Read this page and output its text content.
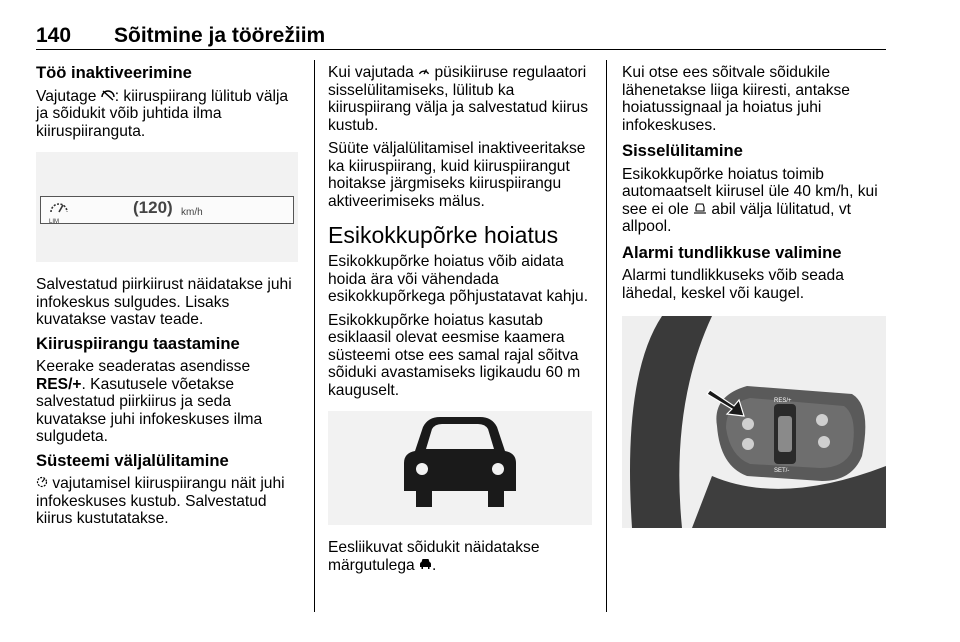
140 Sõitmine ja töörežiim
Töö inaktiveerimine

Vajutage : kiiruspiirang lülitub välja ja sõidukit võib juhtida ilma kiiruspiiranguta.

LIM
(120) km/h

Salvestatud piirkiirust näidatakse juhi infokeskus sulgudes. Lisaks kuvatakse vastav teade.

Kiiruspiirangu taastamine

Keerake seaderatas asendisse RES/+. Kasutusele võetakse salvestatud piirkiirus ja seda kuvatakse juhi infokeskuses ilma sulgudeta.

Süsteemi väljalülitamine

vajutamisel kiiruspiirangu näit juhi infokeskuses kustub. Salvestatud kiirus kustutatakse.

Kui vajutada  püsikiiruse regulaatori sisselülitamiseks, lülitub ka kiiruspiirang välja ja salvestatud kiirus kustub.

Süüte väljalülitamisel inaktiveeritakse ka kiiruspiirang, kuid kiiruspiirangut hoitakse järgmiseks kiiruspiirangu aktiveerimiseks mälus.

Esikokkupõrke hoiatus

Esikokkupõrke hoiatus võib aidata hoida ära või vähendada esikokkupõrkega põhjustatavat kahju.

Esikokkupõrke hoiatus kasutab esiklaasil olevat eesmise kaamera süsteemi otse ees samal rajal sõitva sõiduki avastamiseks ligikaudu 60 m kauguselt.

Eesliikuvat sõidukit näidatakse märgutulega .

Kui otse ees sõitvale sõidukile lähenetakse liiga kiiresti, antakse hoiatussignaal ja hoiatus juhi infokeskuses.

Sisselülitamine

Esikokkupõrke hoiatus toimib automaatselt kiirusel üle 40 km/h, kui see ei ole  abil välja lülitatud, vt allpool.

Alarmi tundlikkuse valimine

Alarmi tundlikkuseks võib seada lähedal, keskel või kaugel.

RES/+
SET/-
